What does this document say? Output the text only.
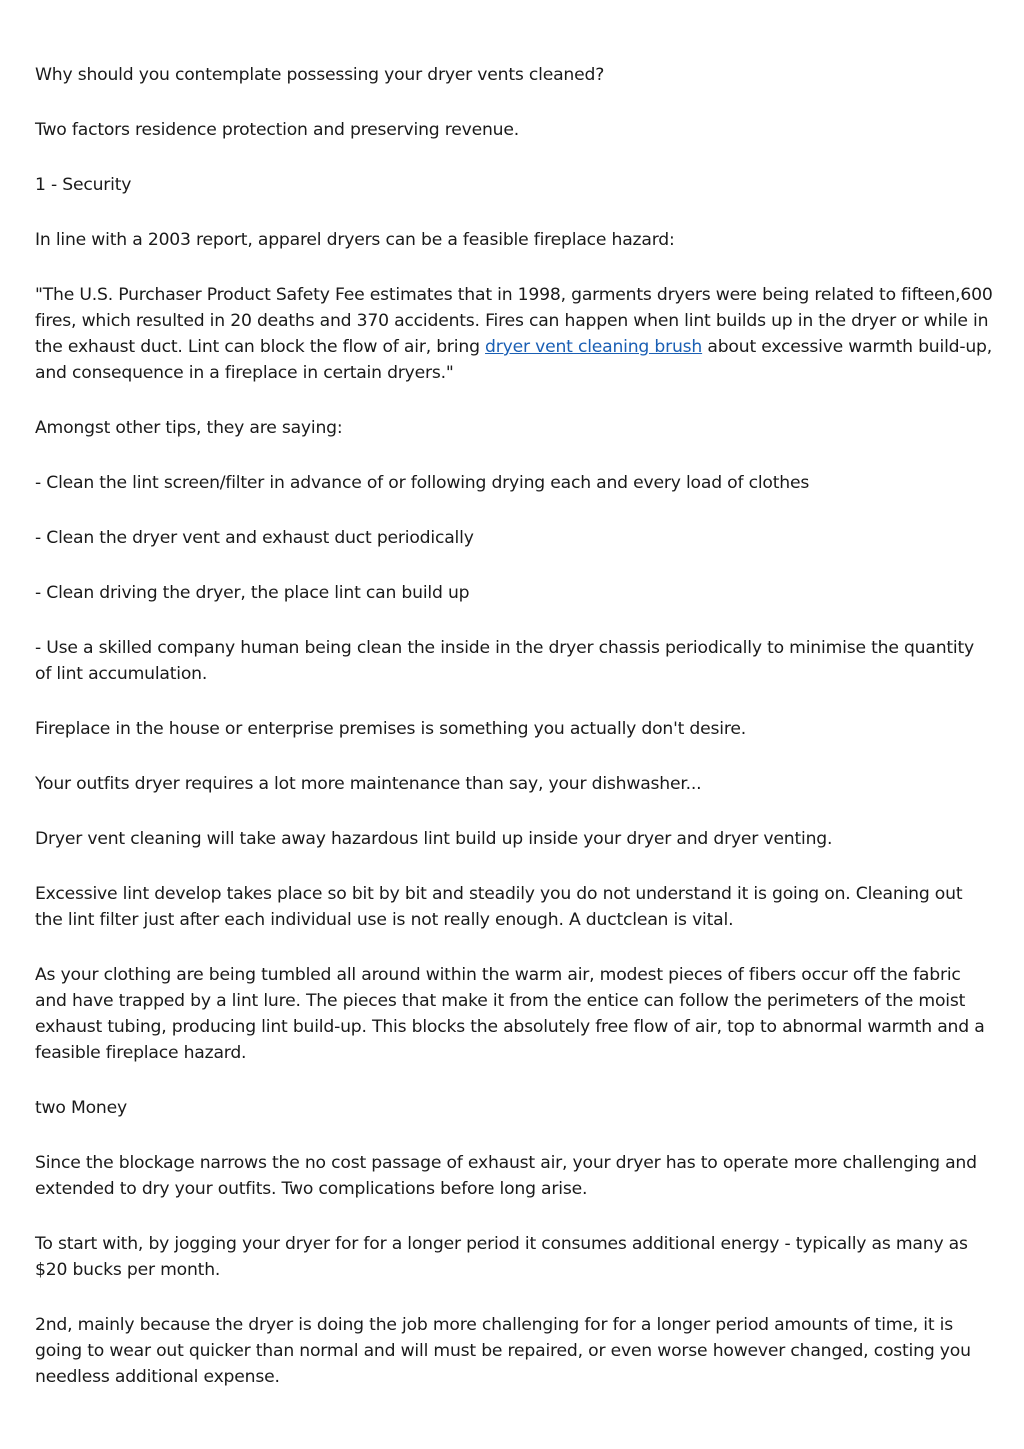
Why should you contemplate possessing your dryer vents cleaned?

Two factors residence protection and preserving revenue.

1 - Security

In line with a 2003 report, apparel dryers can be a feasible fireplace hazard:

"The U.S. Purchaser Product Safety Fee estimates that in 1998, garments dryers were being related to fifteen,600 fires, which resulted in 20 deaths and 370 accidents. Fires can happen when lint builds up in the dryer or while in the exhaust duct. Lint can block the flow of air, bring dryer vent cleaning brush about excessive warmth build-up, and consequence in a fireplace in certain dryers."

Amongst other tips, they are saying:

- Clean the lint screen/filter in advance of or following drying each and every load of clothes

- Clean the dryer vent and exhaust duct periodically

- Clean driving the dryer, the place lint can build up

- Use a skilled company human being clean the inside in the dryer chassis periodically to minimise the quantity of lint accumulation.

Fireplace in the house or enterprise premises is something you actually don't desire.

Your outfits dryer requires a lot more maintenance than say, your dishwasher...

Dryer vent cleaning will take away hazardous lint build up inside your dryer and dryer venting.

Excessive lint develop takes place so bit by bit and steadily you do not understand it is going on. Cleaning out the lint filter just after each individual use is not really enough. A ductclean is vital.

As your clothing are being tumbled all around within the warm air, modest pieces of fibers occur off the fabric and have trapped by a lint lure. The pieces that make it from the entice can follow the perimeters of the moist exhaust tubing, producing lint build-up. This blocks the absolutely free flow of air, top to abnormal warmth and a feasible fireplace hazard.

two Money

Since the blockage narrows the no cost passage of exhaust air, your dryer has to operate more challenging and extended to dry your outfits. Two complications before long arise.

To start with, by jogging your dryer for for a longer period it consumes additional energy - typically as many as $20 bucks per month.

2nd, mainly because the dryer is doing the job more challenging for for a longer period amounts of time, it is going to wear out quicker than normal and will must be repaired, or even worse however changed, costing you needless additional expense.
